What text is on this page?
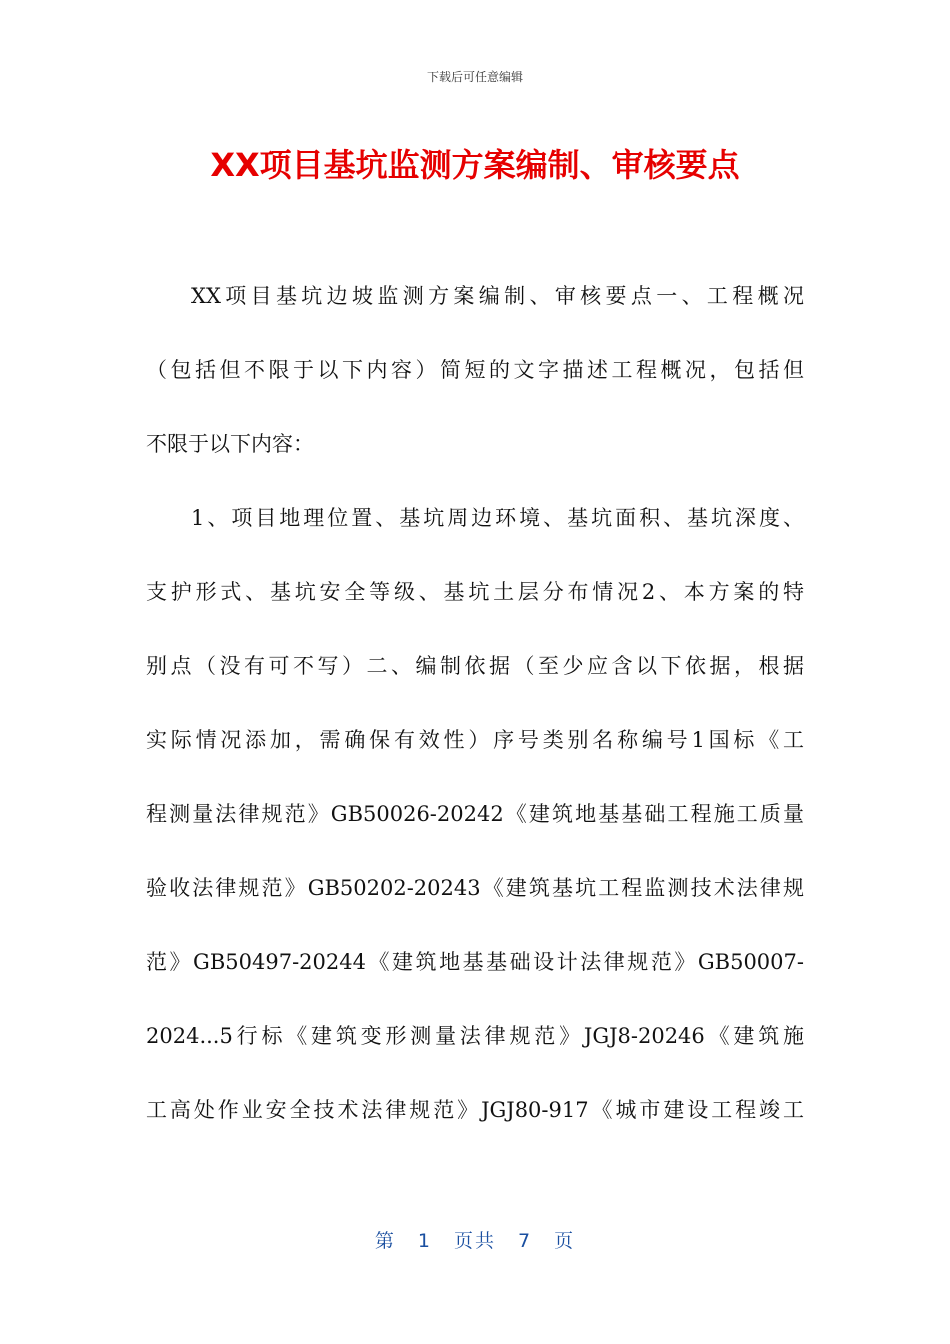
下载后可任意编辑
XX项目基坑监测方案编制、审核要点
XX项目基坑边坡监测方案编制、审核要点一、工程概况
（包括但不限于以下内容）简短的文字描述工程概况，包括但
不限于以下内容：
1、项目地理位置、基坑周边环境、基坑面积、基坑深度、
支护形式、基坑安全等级、基坑土层分布情况2、本方案的特
别点（没有可不写）二、编制依据（至少应含以下依据，根据
实际情况添加，需确保有效性）序号类别名称编号1国标《工
程测量法律规范》GB50026-20242《建筑地基基础工程施工质量
验收法律规范》GB50202-20243《建筑基坑工程监测技术法律规
范》GB50497-20244《建筑地基基础设计法律规范》GB50007-
2024...5行标《建筑变形测量法律规范》JGJ8-20246《建筑施
工高处作业安全技术法律规范》JGJ80-917《城市建设工程竣工
第 1 页共 7 页
